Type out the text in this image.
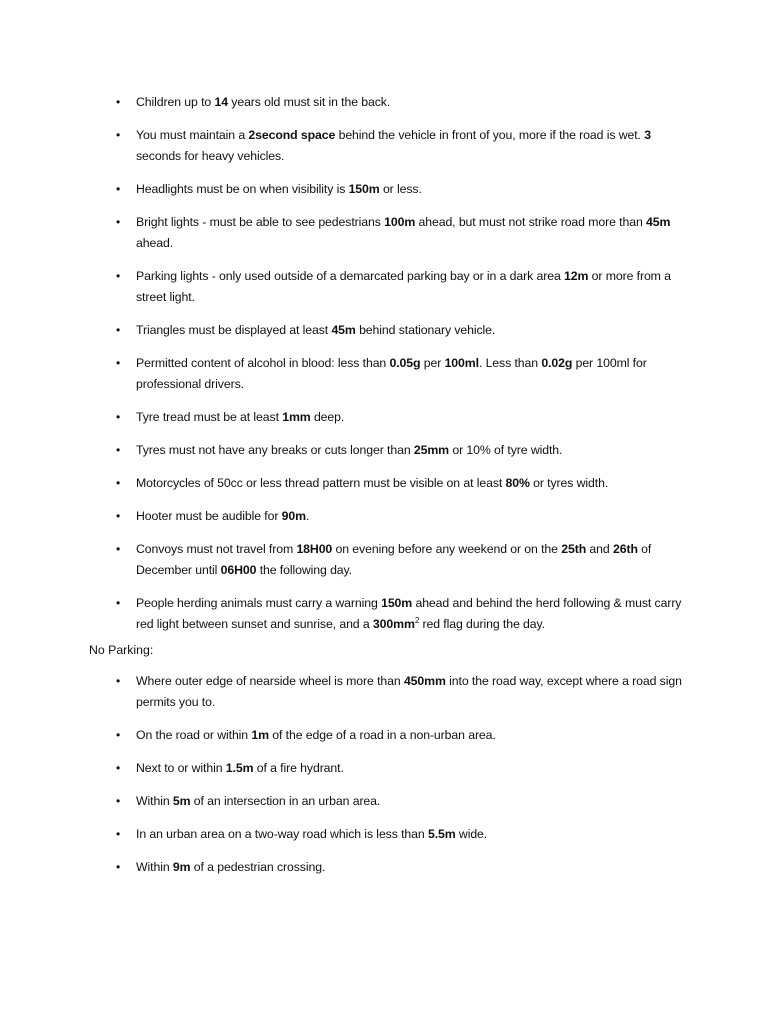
• Children up to 14 years old must sit in the back.
• You must maintain a 2second space behind the vehicle in front of you, more if the road is wet. 3 seconds for heavy vehicles.
• Headlights must be on when visibility is 150m or less.
• Bright lights - must be able to see pedestrians 100m ahead, but must not strike road more than 45m ahead.
• Parking lights - only used outside of a demarcated parking bay or in a dark area 12m or more from a street light.
• Triangles must be displayed at least 45m behind stationary vehicle.
• Permitted content of alcohol in blood: less than 0.05g per 100ml. Less than 0.02g per 100ml for professional drivers.
• Tyre tread must be at least 1mm deep.
• Tyres must not have any breaks or cuts longer than 25mm or 10% of tyre width.
• Motorcycles of 50cc or less thread pattern must be visible on at least 80% or tyres width.
• Hooter must be audible for 90m.
• Convoys must not travel from 18H00 on evening before any weekend or on the 25th and 26th of December until 06H00 the following day.
• People herding animals must carry a warning 150m ahead and behind the herd following & must carry red light between sunset and sunrise, and a $300mm^2$ red flag during the day.
No Parking:
• Where outer edge of nearside wheel is more than 450mm into the road way, except where a road sign permits you to.
• On the road or within 1m of the edge of a road in a non-urban area.
• Next to or within 1.5m of a fire hydrant.
• Within 5m of an intersection in an urban area.
• In an urban area on a two-way road which is less than 5.5m wide.
• Within 9m of a pedestrian crossing.
